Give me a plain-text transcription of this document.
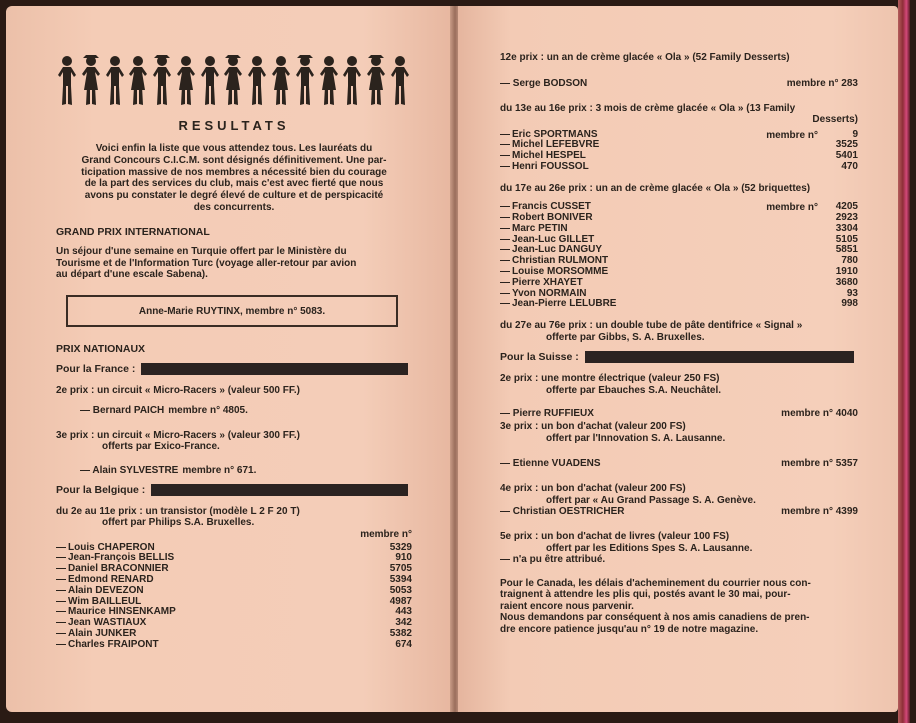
RESULTATS
Voici enfin la liste que vous attendez tous. Les lauréats du
Grand Concours C.I.C.M. sont désignés définitivement. Une par-
ticipation massive de nos membres a nécessité bien du courage
de la part des services du club, mais c'est avec fierté que nous
avons pu constater le degré élevé de culture et de perspicacité
des concurrents.
GRAND PRIX INTERNATIONAL
Un séjour d'une semaine en Turquie offert par le Ministère du
Tourisme et de l'Information Turc (voyage aller-retour par avion
au départ d'une escale Sabena).
Anne-Marie RUYTINX, membre n° 5083.
PRIX NATIONAUX
Pour la France :
2e prix : un circuit « Micro-Racers » (valeur 500 FF.)
— Bernard PAICH membre n° 4805.
3e prix : un circuit « Micro-Racers » (valeur 300 FF.)
offerts par Exico-France.
— Alain SYLVESTRE membre n° 671.
Pour la Belgique :
du 2e au 11e prix : un transistor (modèle L 2 F 20 T)
offert par Philips S.A. Bruxelles.
membre n°
— Louis CHAPERON	5329
— Jean-François BELLIS	910
— Daniel BRACONNIER	5705
— Edmond RENARD	5394
— Alain DEVEZON	5053
— Wim BAILLEUL	4987
— Maurice HINSENKAMP	443
— Jean WASTIAUX	342
— Alain JUNKER	5382
— Charles FRAIPONT	674
12e prix : un an de crème glacée « Ola » (52 Family Desserts)
— Serge BODSON	membre n° 283
du 13e au 16e prix : 3 mois de crème glacée « Ola » (13 Family
Desserts)
membre n°
— Eric SPORTMANS	9
— Michel LEFEBVRE	3525
— Michel HESPEL	5401
— Henri FOUSSOL	470
du 17e au 26e prix : un an de crème glacée « Ola » (52 briquettes)
membre n°
— Francis CUSSET	4205
— Robert BONIVER	2923
— Marc PETIN	3304
— Jean-Luc GILLET	5105
— Jean-Luc DANGUY	5851
— Christian RULMONT	780
— Louise MORSOMME	1910
— Pierre XHAYET	3680
— Yvon NORMAIN	93
— Jean-Pierre LELUBRE	998
du 27e au 76e prix : un double tube de pâte dentifrice « Signal »
offerte par Gibbs, S. A. Bruxelles.
Pour la Suisse :
2e prix : une montre électrique (valeur 250 FS)
offerte par Ebauches S.A. Neuchâtel.
— Pierre RUFFIEUX	membre n° 4040
3e prix : un bon d'achat (valeur 200 FS)
offert par l'Innovation S. A. Lausanne.
— Etienne VUADENS	membre n° 5357
4e prix : un bon d'achat (valeur 200 FS)
offert par « Au Grand Passage S. A. Genève.
— Christian OESTRICHER	membre n° 4399
5e prix : un bon d'achat de livres (valeur 100 FS)
offert par les Editions Spes S. A. Lausanne.
— n'a pu être attribué.
Pour le Canada, les délais d'acheminement du courrier nous con-
traignent à attendre les plis qui, postés avant le 30 mai, pour-
raient encore nous parvenir.
Nous demandons par conséquent à nos amis canadiens de pren-
dre encore patience jusqu'au n° 19 de notre magazine.
